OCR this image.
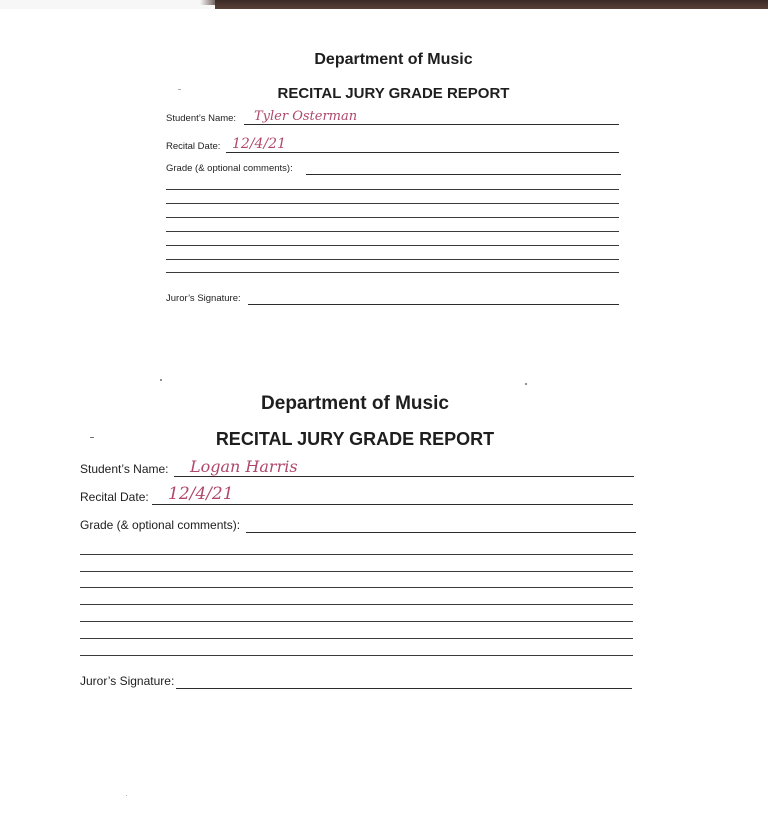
Department of Music
RECITAL JURY GRADE REPORT
Student’s Name: Tyler Osterman
Recital Date: 12/4/21
Grade (& optional comments):
Juror’s Signature:
Department of Music
RECITAL JURY GRADE REPORT
Student’s Name: Logan Harris
Recital Date: 12/4/21
Grade (& optional comments):
Juror’s Signature:
